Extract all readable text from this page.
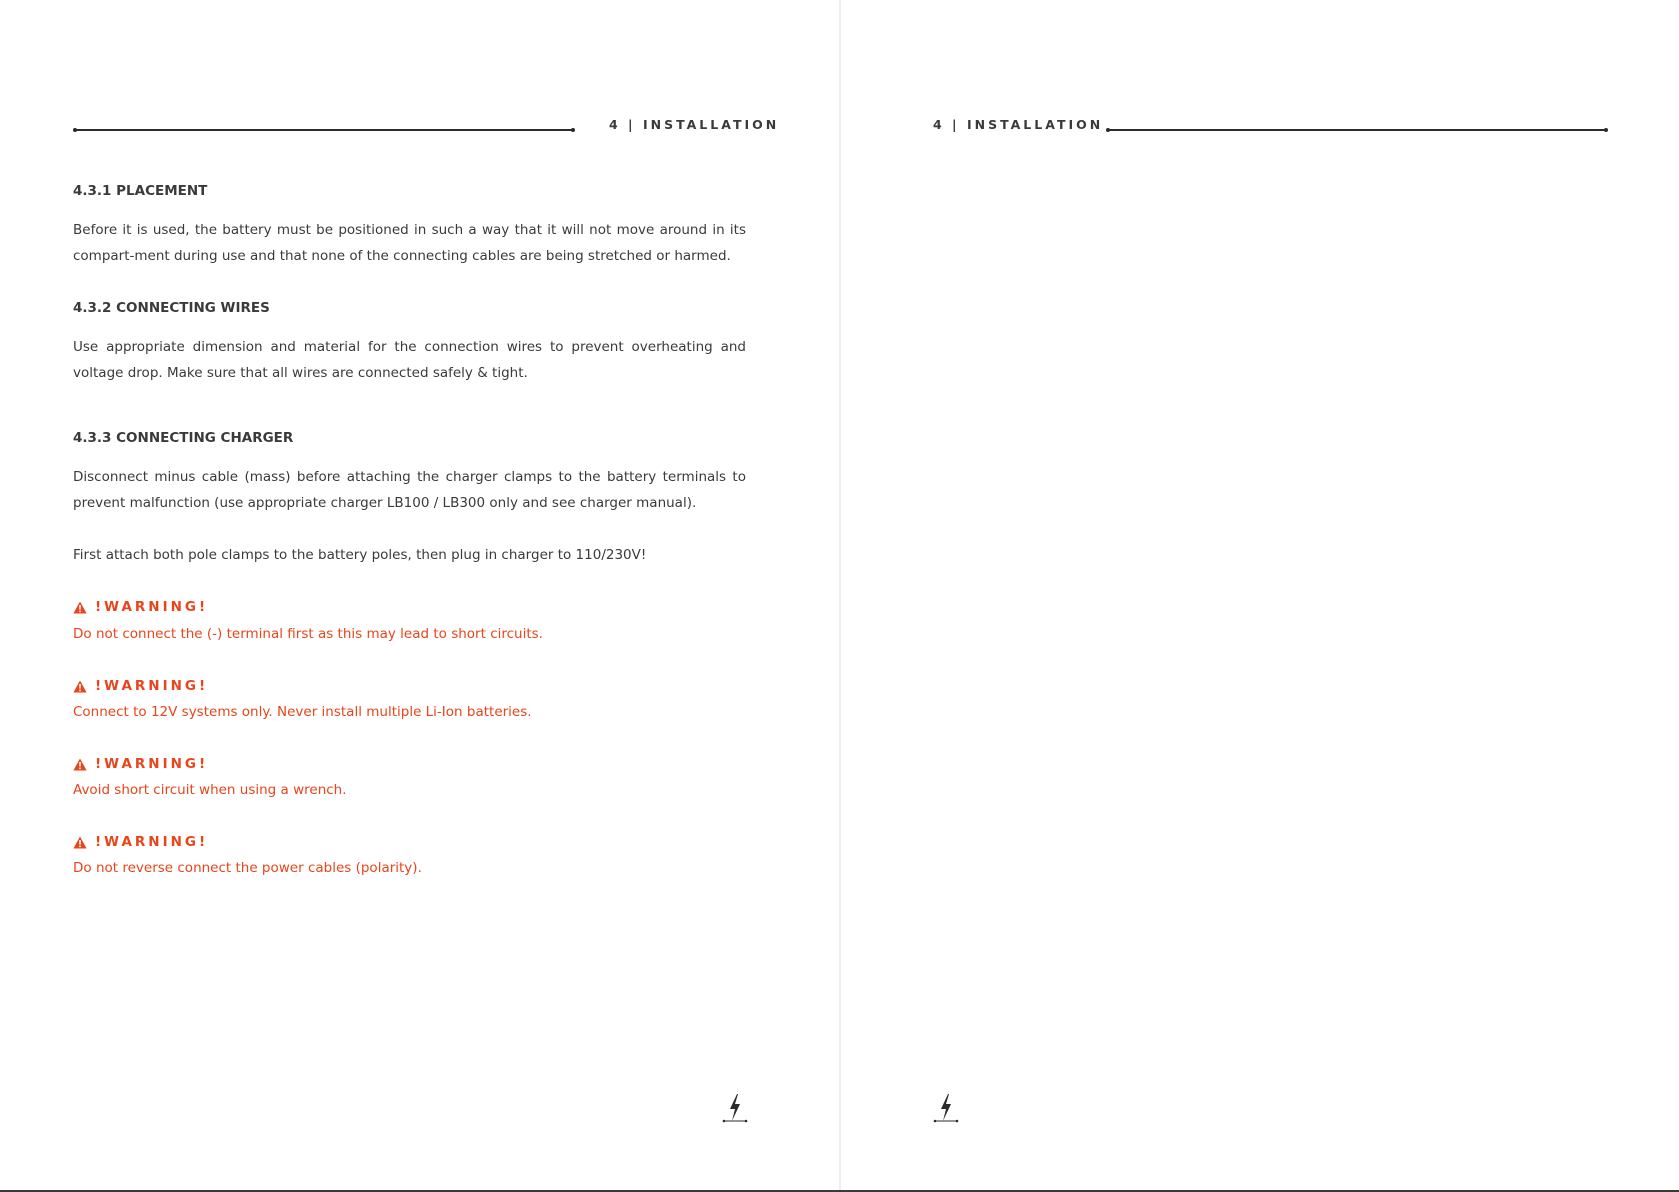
4 | INSTALLATION
4.3.1 PLACEMENT
Before it is used, the battery must be positioned in such a way that it will not move around in its compart-ment during use and that none of the connecting cables are being stretched or harmed.
4.3.2 CONNECTING WIRES
Use appropriate dimension and material for the connection wires to prevent overheating and voltage drop. Make sure that all wires are connected safely & tight.
4.3.3 CONNECTING CHARGER
Disconnect minus cable (mass) before attaching the charger clamps to the battery terminals to prevent malfunction (use appropriate charger LB100 / LB300 only and see charger manual).
First attach both pole clamps to the battery poles, then plug in charger to 110/230V!
!WARNING!
Do not connect the (-) terminal first as this may lead to short circuits.
!WARNING!
Connect to 12V systems only. Never install multiple Li-Ion batteries.
!WARNING!
Avoid short circuit when using a wrench.
!WARNING!
Do not reverse connect the power cables (polarity).
4 | INSTALLATION
